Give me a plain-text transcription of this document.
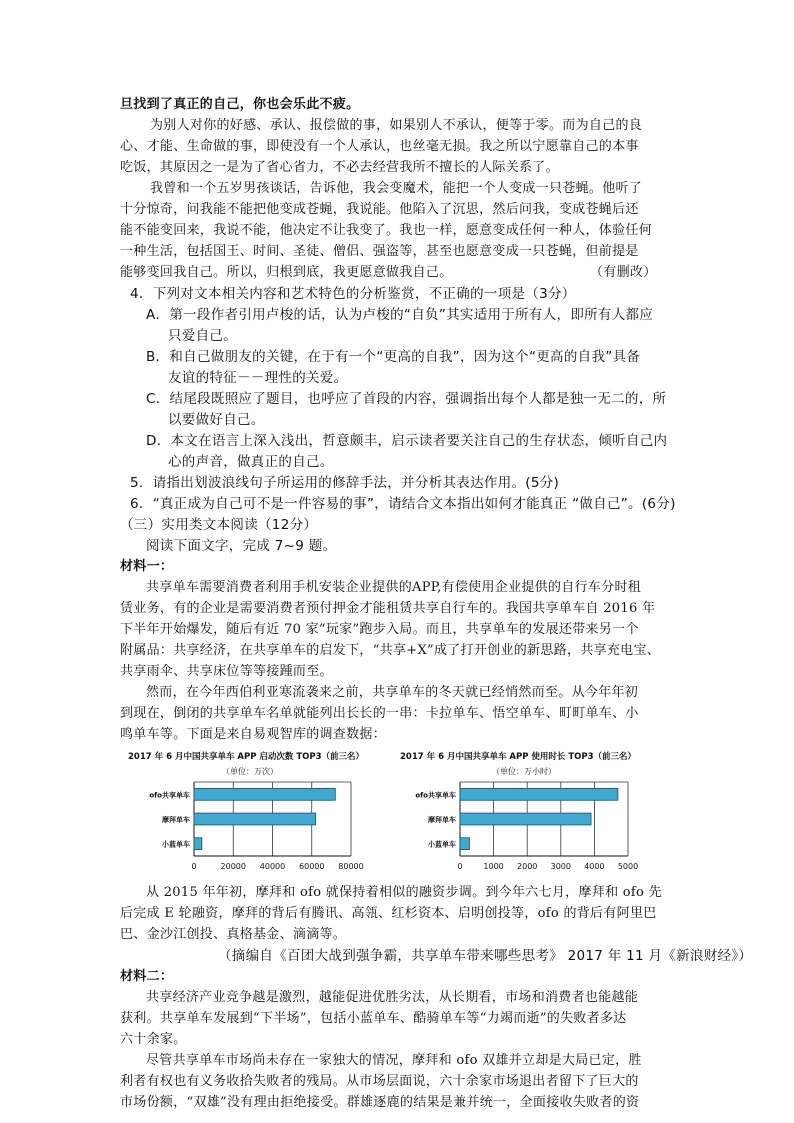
旦找到了真正的自己，你也会乐此不疲。
为别人对你的好感、承认、报偿做的事，如果别人不承认，便等于零。而为自己的良
心、才能、生命做的事，即使没有一个人承认，也丝毫无损。我之所以宁愿靠自己的本事
吃饭，其原因之一是为了省心省力，不必去经营我所不擅长的人际关系了。
我曾和一个五岁男孩谈话，告诉他，我会变魔术，能把一个人变成一只苍蝇。他听了
十分惊奇，问我能不能把他变成苍蝇，我说能。他陷入了沉思，然后问我，变成苍蝇后还
能不能变回来，我说不能，他决定不让我变了。我也一样，愿意变成任何一种人，体验任何
一种生活，包括国王、时间、圣徒、僧侣、强盗等，甚至也愿意变成一只苍蝇，但前提是
能够变回我自己。所以，归根到底，我更愿意做我自己。	（有删改）
4．下列对文本相关内容和艺术特色的分析鉴赏，不正确的一项是（3分）
A．第一段作者引用卢梭的话，认为卢梭的“自负”其实适用于所有人，即所有人都应
只爱自己。
B．和自己做朋友的关键，在于有一个“更高的自我”，因为这个“更高的自我”具备
友谊的特征－－理性的关爱。
C．结尾段既照应了题目，也呼应了首段的内容，强调指出每个人都是独一无二的，所
以要做好自己。
D．本文在语言上深入浅出，哲意颇丰，启示读者要关注自己的生存状态，倾听自己内
心的声音，做真正的自己。
5．请指出划波浪线句子所运用的修辞手法，并分析其表达作用。(5分)
6．“真正成为自己可不是一件容易的事”，请结合文本指出如何才能真正 “做自己”。(6分)
（三）实用类文本阅读（12分）
阅读下面文字，完成 7~9 题。
材料一：
共享单车需要消费者利用手机安装企业提供的APP,有偿使用企业提供的自行车分时租
赁业务，有的企业是需要消费者预付押金才能租赁共享自行车的。我国共享单车自 2016 年
下半年开始爆发，随后有近 70 家“玩家”跑步入局。而且，共享单车的发展还带来另一个
附属品：共享经济，在共享单车的启发下，“共享+X”成了打开创业的新思路，共享充电宝、
共享雨伞、共享床位等等接踵而至。
然而，在今年西伯利亚寒流袭来之前，共享单车的冬天就已经悄然而至。从今年年初
到现在，倒闭的共享单车名单就能列出长长的一串：卡拉单车、悟空单车、町町单车、小
鸣单车等。下面是来自易观智库的调查数据：
2017 年 6 月中国共享单车 APP 启动次数 TOP3（前三名）
（单位：万次）
0	20000 40000 60000 80000
ofo共享单车
摩拜单车
小蓝单车
2017 年 6 月中国共享单车 APP 使用时长 TOP3（前三名）
（单位：万小时）
0	1000 2000 3000 4000 5000
ofo共享单车
摩拜单车
小蓝单车
从 2015 年年初，摩拜和 ofo 就保持着相似的融资步调。到今年六七月，摩拜和 ofo 先
后完成 E 轮融资，摩拜的背后有腾讯、高瓴、红杉资本、启明创投等，ofo 的背后有阿里巴
巴、金沙江创投、真格基金、滴滴等。
（摘编自《百团大战到强争霸，共享单车带来哪些思考》 2017 年 11 月《新浪财经》）
材料二：
共享经济产业竞争越是激烈，越能促进优胜劣汰，从长期看，市场和消费者也能越能
获利。共享单车发展到“下半场”，包括小蓝单车、酷骑单车等“力竭而逝”的失败者多达
六十余家。
尽管共享单车市场尚未存在一家独大的情况，摩拜和 ofo 双雄并立却是大局已定，胜
利者有权也有义务收拾失败者的残局。从市场层面说，六十余家市场退出者留下了巨大的
市场份额，“双雄”没有理由拒绝接受。群雄逐鹿的结果是兼并统一，全面接收失败者的资
